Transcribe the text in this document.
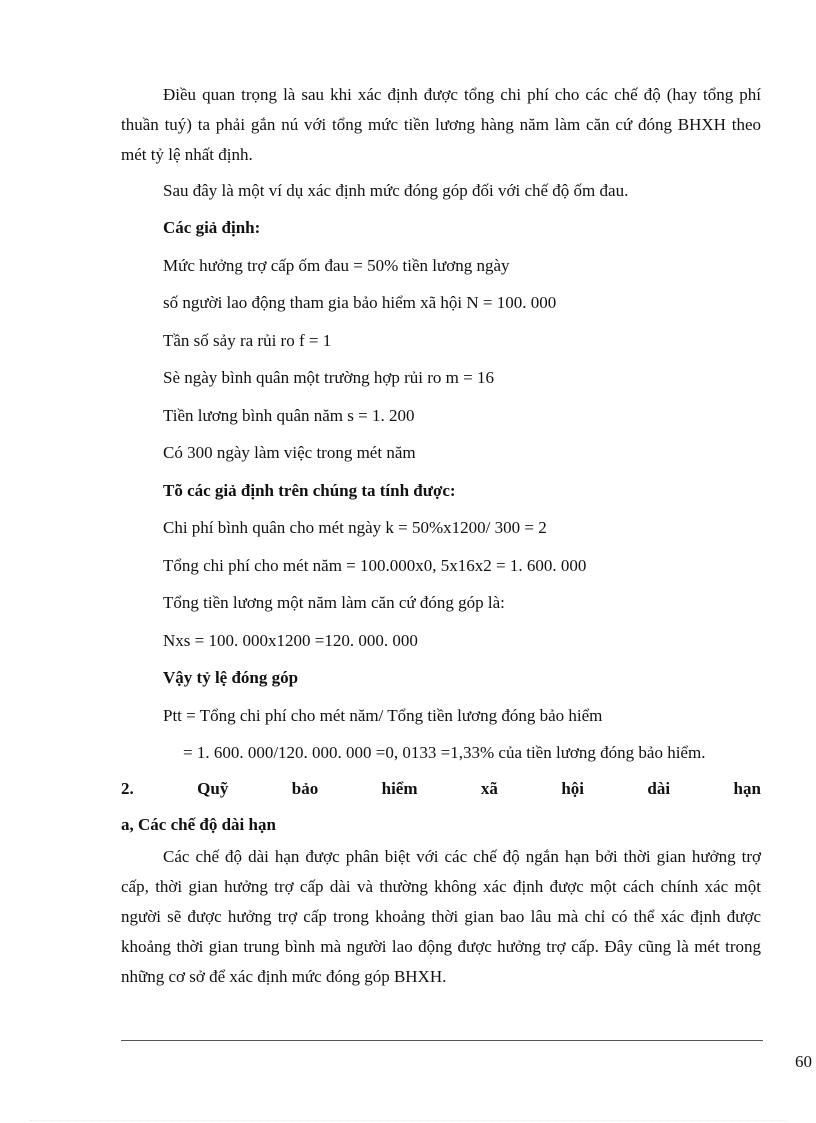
Điều quan trọng là sau khi xác định được tổng chi phí cho các chế độ (hay tổng phí thuần tuý) ta phải gắn nú với tổng mức tiền lương hàng năm làm căn cứ đóng BHXH theo mét tỷ lệ nhất định.

Sau đây là một ví dụ xác định mức đóng góp đối với chế độ ốm đau.

Các giả định:
Mức hưởng trợ cấp ốm đau = 50% tiền lương ngày
số người lao động tham gia bảo hiểm xã hội N = 100. 000
Tần số sảy ra rủi ro f = 1
Sè ngày bình quân một trường hợp rủi ro m = 16
Tiền lương bình quân năm s = 1. 200
Có 300 ngày làm việc trong mét năm
Tõ các giả định trên chúng ta tính được:
Chi phí bình quân cho mét ngày k = 50%x1200/ 300 = 2
Tổng chi phí cho mét năm = 100.000x0, 5x16x2 = 1. 600. 000
Tổng tiền lương một năm làm căn cứ đóng góp là:
Nxs = 100. 000x1200 =120. 000. 000
Vậy tỷ lệ đóng góp
Ptt = Tổng chi phí cho mét năm/ Tổng tiền lương đóng bảo hiểm

= 1. 600. 000/120. 000. 000 =0, 0133 =1,33% của tiền lương đóng bảo hiểm.

2.	Quỹ	bảo	hiểm	xã	hội	dài	hạn
a, Các chế độ dài hạn

Các chế độ dài hạn được phân biệt với các chế độ ngắn hạn bởi thời gian hưởng trợ cấp, thời gian hưởng trợ cấp dài và thường không xác định được một cách chính xác một người sẽ được hưởng trợ cấp trong khoảng thời gian bao lâu mà chỉ có thể xác định được khoảng thời gian trung bình mà người lao động được hưởng trợ cấp. Đây cũng là mét trong những cơ sở để xác định mức đóng góp BHXH.

60
